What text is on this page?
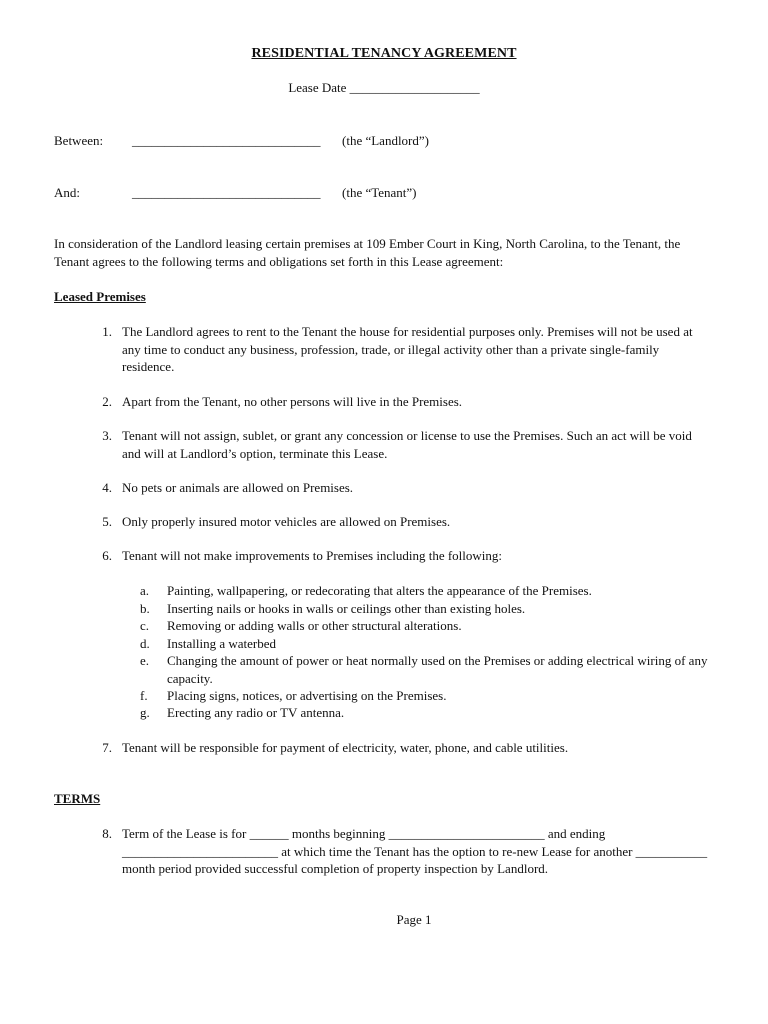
RESIDENTIAL TENANCY AGREEMENT
Lease Date ____________________
Between: _____________________________ (the “Landlord”)
And:	_____________________________ (the “Tenant”)
In consideration of the Landlord leasing certain premises at 109 Ember Court in King, North Carolina, to the Tenant, the Tenant agrees to the following terms and obligations set forth in this Lease agreement:
Leased Premises
1. The Landlord agrees to rent to the Tenant the house for residential purposes only. Premises will not be used at any time to conduct any business, profession, trade, or illegal activity other than a private single-family residence.
2. Apart from the Tenant, no other persons will live in the Premises.
3. Tenant will not assign, sublet, or grant any concession or license to use the Premises. Such an act will be void and will at Landlord’s option, terminate this Lease.
4. No pets or animals are allowed on Premises.
5. Only properly insured motor vehicles are allowed on Premises.
6. Tenant will not make improvements to Premises including the following:
a.	Painting, wallpapering, or redecorating that alters the appearance of the Premises.
b.	Inserting nails or hooks in walls or ceilings other than existing holes.
c.	Removing or adding walls or other structural alterations.
d.	Installing a waterbed
e.	Changing the amount of power or heat normally used on the Premises or adding electrical wiring of any capacity.
f.	Placing signs, notices, or advertising on the Premises.
g.	Erecting any radio or TV antenna.
7. Tenant will be responsible for payment of electricity, water, phone, and cable utilities.
TERMS
8. Term of the Lease is for ______ months beginning ________________________ and ending ________________________ at which time the Tenant has the option to re-new Lease for another ___________ month period provided successful completion of property inspection by Landlord.
Page 1
